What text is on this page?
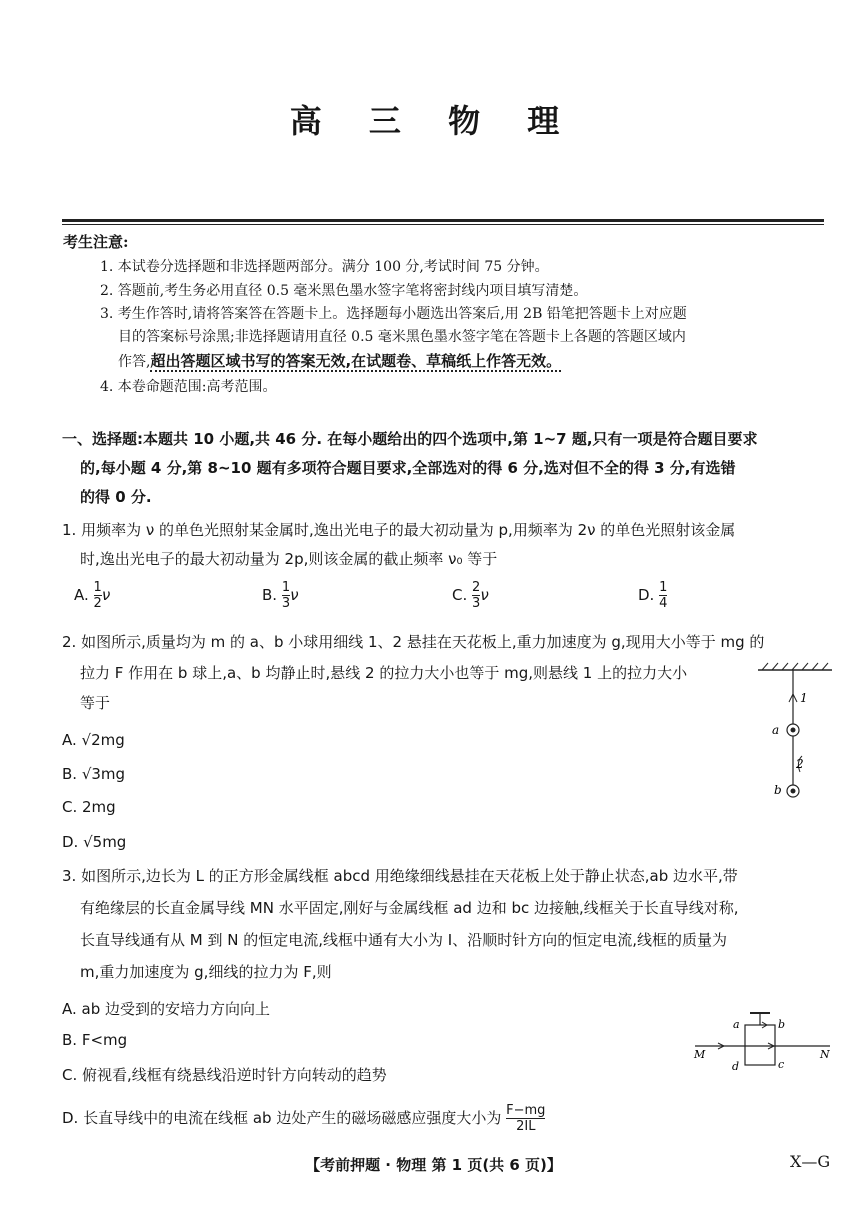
高 三 物 理
考生注意:
1. 本试卷分选择题和非选择题两部分。满分 100 分,考试时间 75 分钟。
2. 答题前,考生务必用直径 0.5 毫米黑色墨水签字笔将密封线内项目填写清楚。
3. 考生作答时,请将答案答在答题卡上。选择题每小题选出答案后,用 2B 铅笔把答题卡上对应题
目的答案标号涂黑;非选择题请用直径 0.5 毫米黑色墨水签字笔在答题卡上各题的答题区域内
作答,超出答题区域书写的答案无效,在试题卷、草稿纸上作答无效。
4. 本卷命题范围:高考范围。
一、选择题:本题共 10 小题,共 46 分. 在每小题给出的四个选项中,第 1~7 题,只有一项是符合题目要求
的,每小题 4 分,第 8~10 题有多项符合题目要求,全部选对的得 6 分,选对但不全的得 3 分,有选错
的得 0 分.
1. 用频率为 ν 的单色光照射某金属时,逸出光电子的最大初动量为 p,用频率为 2ν 的单色光照射该金属
时,逸出光电子的最大初动量为 2p,则该金属的截止频率 ν₀ 等于
A. $\frac{1}{2}$ ν	B. $\frac{1}{3}$ ν	C. $\frac{2}{3}$ ν	D. $\frac{1}{4}$
2. 如图所示,质量均为 m 的 a、b 小球用细线 1、2 悬挂在天花板上,重力加速度为 g,现用大小等于 mg 的
拉力 F 作用在 b 球上,a、b 均静止时,悬线 2 的拉力大小也等于 mg,则悬线 1 上的拉力大小
等于
A. √2mg
B. √3mg
C. 2mg
D. √5mg
1
a
2
b
3. 如图所示,边长为 L 的正方形金属线框 abcd 用绝缘细线悬挂在天花板上处于静止状态,ab 边水平,带
有绝缘层的长直金属导线 MN 水平固定,刚好与金属线框 ad 边和 bc 边接触,线框关于长直导线对称,
长直导线通有从 M 到 N 的恒定电流,线框中通有大小为 I、沿顺时针方向的恒定电流,线框的质量为
m,重力加速度为 g,细线的拉力为 F,则
A. ab 边受到的安培力方向向上
B. F<mg
C. 俯视看,线框有绕悬线沿逆时针方向转动的趋势
D. 长直导线中的电流在线框 ab 边处产生的磁场磁感应强度大小为 $\frac{F-mg}{2IL}$
M	N
a	b
c
d
【考前押题 · 物理 第 1 页(共 6 页)】	X—G
